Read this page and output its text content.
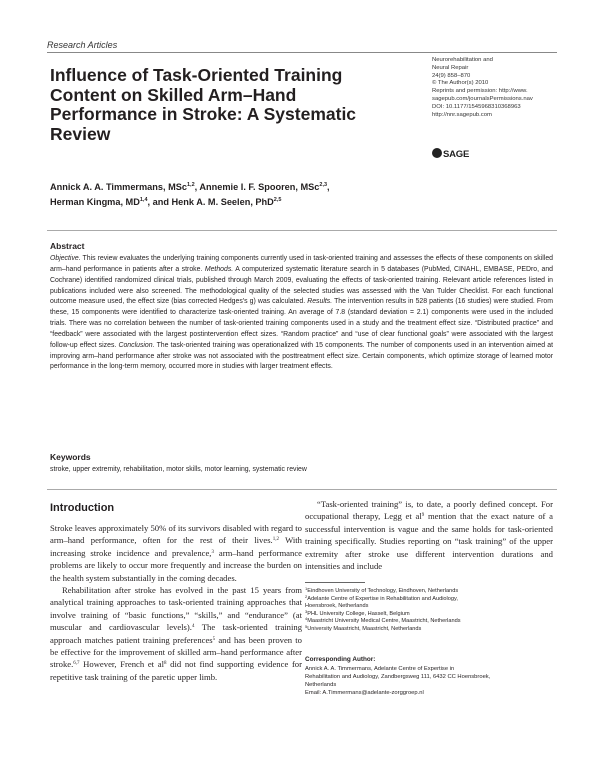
Research Articles
Influence of Task-Oriented Training Content on Skilled Arm–Hand Performance in Stroke: A Systematic Review
Neurorehabilitation and
Neural Repair
24(9) 858–870
© The Author(s) 2010
Reprints and permission: http://www.
sagepub.com/journalsPermissions.nav
DOI: 10.1177/1545968310368963
http://nnr.sagepub.com
SAGE
Annick A. A. Timmermans, MSc$^{1,2}$, Annemie I. F. Spooren, MSc$^{2,3}$,
Herman Kingma, MD$^{1,4}$, and Henk A. M. Seelen, PhD$^{2,5}$
Abstract
Objective. This review evaluates the underlying training components currently used in task-oriented training and assesses the effects of these components on skilled arm–hand performance in patients after a stroke. Methods. A computerized systematic literature search in 5 databases (PubMed, CINAHL, EMBASE, PEDro, and Cochrane) identified randomized clinical trials, published through March 2009, evaluating the effects of task-oriented training. Relevant article references listed in publications included were also screened. The methodological quality of the selected studies was assessed with the Van Tulder Checklist. For each functional outcome measure used, the effect size (bias corrected Hedges's g) was calculated. Results. The intervention results in 528 patients (16 studies) were studied. From these, 15 components were identified to characterize task-oriented training. An average of 7.8 (standard deviation = 2.1) components were used in the included trials. There was no correlation between the number of task-oriented training components used in a study and the treatment effect size. “Distributed practice” and “feedback” were associated with the largest postintervention effect sizes. “Random practice” and “use of clear functional goals” were associated with the largest follow-up effect sizes. Conclusion. The task-oriented training was operationalized with 15 components. The number of components used in an intervention aimed at improving arm–hand performance after stroke was not associated with the posttreatment effect size. Certain components, which optimize storage of learned motor performance in the long-term memory, occurred more in studies with larger treatment effects.
Keywords
stroke, upper extremity, rehabilitation, motor skills, motor learning, systematic review
Introduction

Stroke leaves approximately 50% of its survivors disabled with regard to arm–hand performance, often for the rest of their lives.$^{1,2}$ With increasing stroke incidence and prevalence,$^3$ arm–hand performance problems are likely to occur more frequently and increase the burden on the health system substantially in the coming decades.

Rehabilitation after stroke has evolved in the past 15 years from analytical training approaches to task-oriented training approaches that involve training of “basic functions,” “skills,” and “endurance” (at muscular and cardiovascular levels).$^4$ The task-oriented training approach matches patient training preferences$^5$ and has been proven to be effective for the improvement of skilled arm–hand performance after stroke.$^{6,7}$ However, French et $al^8$ did not find supporting evidence for repetitive task training of the paretic upper limb.

“Task-oriented training” is, to date, a poorly defined concept. For occupational therapy, Legg et $al^9$ mention that the exact nature of a successful intervention is vague and the same holds for task-oriented training specifically. Studies reporting on “task training” of the upper extremity after stroke use different intervention durations and intensities and include

$^1$Eindhoven University of Technology, Eindhoven, Netherlands
$^2$Adelante Centre of Expertise in Rehabilitation and Audiology,
Hoensbroek, Netherlands
$^3$PHL University College, Hasselt, Belgium
$^4$Maastricht University Medical Centre, Maastricht, Netherlands
$^5$University Maastricht, Maastricht, Netherlands
Corresponding Author:
Annick A. A. Timmermans, Adelante Centre of Expertise in
Rehabilitation and Audiology, Zandbergsweg 111, 6432 CC Hoensbroek,
Netherlands
Email: A.Timmermans@adelante-zorggroep.nl
